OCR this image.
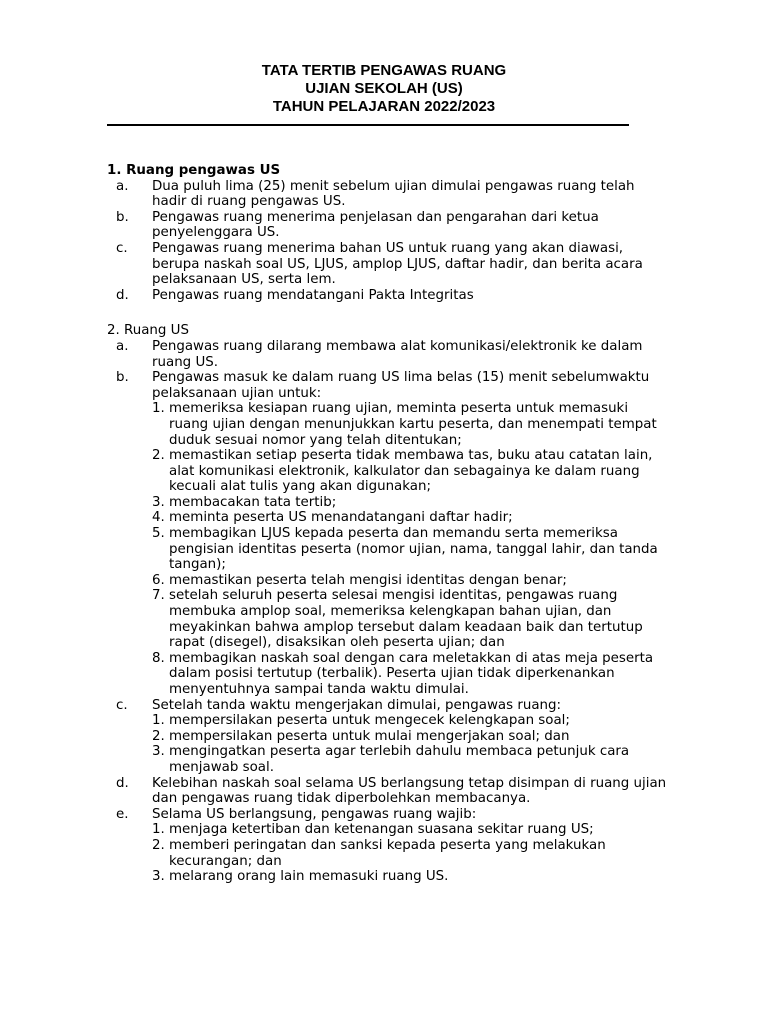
TATA TERTIB PENGAWAS RUANG
UJIAN SEKOLAH (US)
TAHUN PELAJARAN 2022/2023
1. Ruang pengawas US
a.	Dua puluh lima (25) menit sebelum ujian dimulai pengawas ruang telah hadir di ruang pengawas US.
b.	Pengawas ruang menerima penjelasan dan pengarahan dari ketua penyelenggara US.
c.	Pengawas ruang menerima bahan US untuk ruang yang akan diawasi, berupa naskah soal US, LJUS, amplop LJUS, daftar hadir, dan berita acara pelaksanaan US, serta lem.
d.	Pengawas ruang mendatangani Pakta Integritas
2. Ruang US
a.	Pengawas ruang dilarang membawa alat komunikasi/elektronik ke dalam ruang US.
b.	Pengawas masuk ke dalam ruang US lima belas (15) menit sebelumwaktu pelaksanaan ujian untuk:
1. memeriksa kesiapan ruang ujian, meminta peserta untuk memasuki ruang ujian dengan menunjukkan kartu peserta, dan menempati tempat duduk sesuai nomor yang telah ditentukan;
2. memastikan setiap peserta tidak membawa tas, buku atau catatan lain, alat komunikasi elektronik, kalkulator dan sebagainya ke dalam ruang kecuali alat tulis yang akan digunakan;
3. membacakan tata tertib;
4. meminta peserta US menandatangani daftar hadir;
5. membagikan LJUS kepada peserta dan memandu serta memeriksa pengisian identitas peserta (nomor ujian, nama, tanggal lahir, dan tanda tangan);
6. memastikan peserta telah mengisi identitas dengan benar;
7. setelah seluruh peserta selesai mengisi identitas, pengawas ruang membuka amplop soal, memeriksa kelengkapan bahan ujian, dan meyakinkan bahwa amplop tersebut dalam keadaan baik dan tertutup rapat (disegel), disaksikan oleh peserta ujian; dan
8. membagikan naskah soal dengan cara meletakkan di atas meja peserta dalam posisi tertutup (terbalik). Peserta ujian tidak diperkenankan menyentuhnya sampai tanda waktu dimulai.
c.	Setelah tanda waktu mengerjakan dimulai, pengawas ruang:
1. mempersilakan peserta untuk mengecek kelengkapan soal;
2. mempersilakan peserta untuk mulai mengerjakan soal; dan
3. mengingatkan peserta agar terlebih dahulu membaca petunjuk cara menjawab soal.
d.	Kelebihan naskah soal selama US berlangsung tetap disimpan di ruang ujian dan pengawas ruang tidak diperbolehkan membacanya.
e.	Selama US berlangsung, pengawas ruang wajib:
1. menjaga ketertiban dan ketenangan suasana sekitar ruang US;
2. memberi peringatan dan sanksi kepada peserta yang melakukan kecurangan; dan
3. melarang orang lain memasuki ruang US.
